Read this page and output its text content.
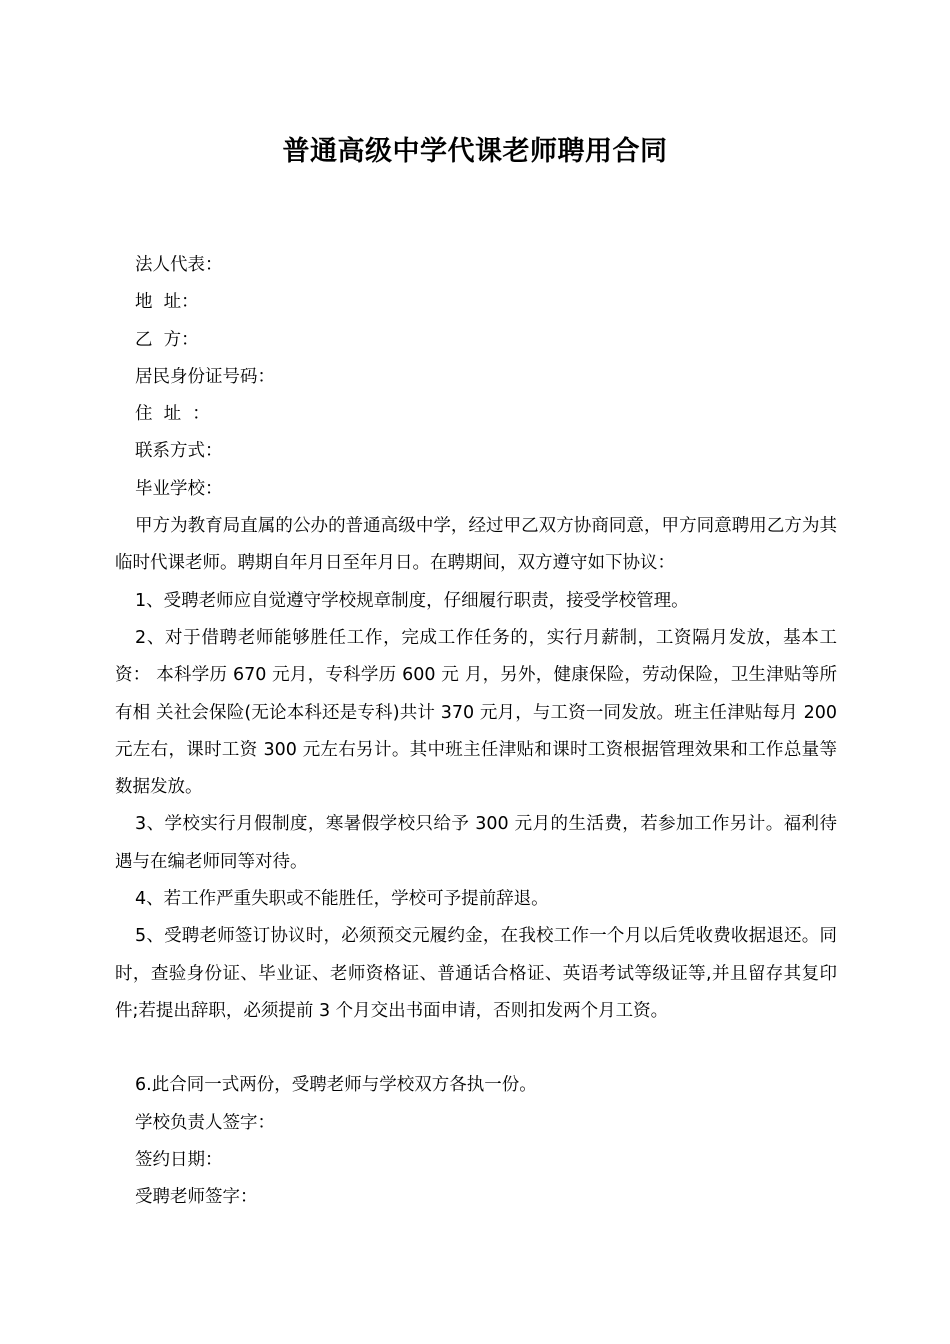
普通高级中学代课老师聘用合同

法人代表：

地  址：

乙  方：

居民身份证号码：

住  址  ：

联系方式：

毕业学校：

甲方为教育局直属的公办的普通高级中学，经过甲乙双方协商同意，甲方同意聘用乙方为其临时代课老师。聘期自年月日至年月日。在聘期间，双方遵守如下协议：

1、受聘老师应自觉遵守学校规章制度，仔细履行职责，接受学校管理。

2、对于借聘老师能够胜任工作，完成工作任务的，实行月薪制，工资隔月发放，基本工资： 本科学历 670 元月，专科学历 600 元 月，另外，健康保险，劳动保险，卫生津贴等所有相 关社会保险(无论本科还是专科)共计 370 元月，与工资一同发放。班主任津贴每月 200 元左右，课时工资 300 元左右另计。其中班主任津贴和课时工资根据管理效果和工作总量等数据发放。

3、学校实行月假制度，寒暑假学校只给予 300 元月的生活费，若参加工作另计。福利待遇与在编老师同等对待。

4、若工作严重失职或不能胜任，学校可予提前辞退。

5、受聘老师签订协议时，必须预交元履约金，在我校工作一个月以后凭收费收据退还。同时，查验身份证、毕业证、老师资格证、普通话合格证、英语考试等级证等,并且留存其复印件;若提出辞职，必须提前 3 个月交出书面申请，否则扣发两个月工资。

6.此合同一式两份，受聘老师与学校双方各执一份。

学校负责人签字：

签约日期：

受聘老师签字：
